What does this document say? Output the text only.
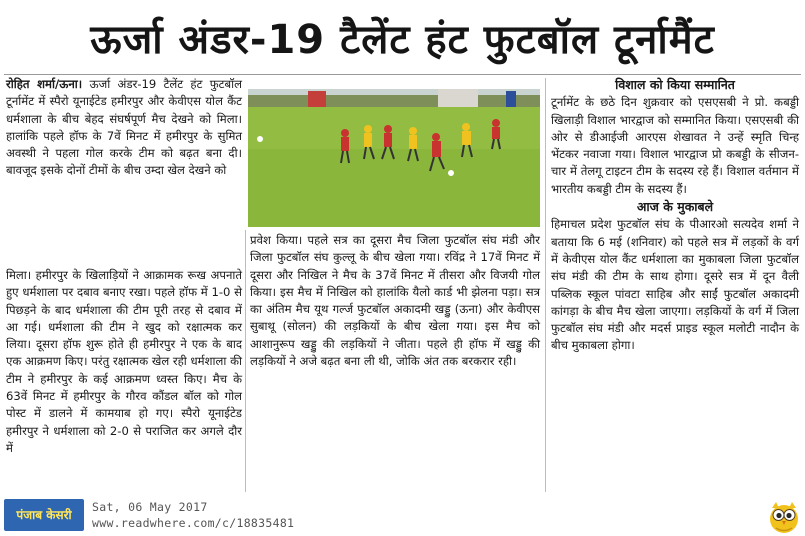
ऊर्जा अंडर-19 टैलेंट हंट फुटबॉल टूर्नामैंट
रोहित शर्मा/ऊना। ऊर्जा अंडर-19 टैलेंट हंट फुटबॉल टूर्नामेंट में स्पैरो यूनाईटेड हमीरपुर और केवीएस योल कैंट धर्मशाला के बीच बेहद संघर्षपूर्ण मैच देखने को मिला। हालांकि पहले हॉफ के 7वें मिनट में हमीरपुर के सुमित अवस्थी ने पहला गोल करके टीम को बढ़त बना दी। बावजूद इसके दोनों टीमों के बीच उम्दा खेल देखने को
मिला। हमीरपुर के खिलाड़ियों ने आक्रामक रूख अपनाते हुए धर्मशाला पर दबाव बनाए रखा। पहले हॉफ में 1-0 से पिछड़ने के बाद धर्मशाला की टीम पूरी तरह से दबाव में आ गई। धर्मशाला की टीम ने खुद को रक्षात्मक कर लिया। दूसरा हॉफ शुरू होते ही हमीरपुर ने एक के बाद एक आक्रमण किए। परंतु रक्षात्मक खेल रही धर्मशाला की टीम ने हमीरपुर के कई आक्रमण ध्वस्त किए। मैच के 63वें मिनट में हमीरपुर के गौरव कौंडल बॉल को गोल पोस्ट में डालने में कामयाब हो गए। स्पैरो यूनाईटेड हमीरपुर ने धर्मशाला को 2-0 से पराजित कर अगले दौर में
प्रवेश किया। पहले सत्र का दूसरा मैच जिला फुटबॉल संघ मंडी और जिला फुटबॉल संघ कुल्लू के बीच खेला गया। रविंद्र ने 17वें मिनट में दूसरा और निखिल ने मैच के 37वें मिनट में तीसरा और विजयी गोल किया। इस मैच में निखिल को हालांकि यैलो कार्ड भी झेलना पड़ा। सत्र का अंतिम मैच यूथ गर्ल्ज फुटबॉल अकादमी खड्डु (ऊना) और केवीएस सुबाथू (सोलन) की लड़कियों के बीच खेला गया। इस मैच को आशानुरूप खड्डु की लड़कियों ने जीता। पहले ही हॉफ में खड्डु की लड़कियों ने अजे बढ़त बना ली थी, जोकि अंत तक बरकरार रही।
विशाल को किया सम्मानित
टूर्नामेंट के छठे दिन शुक्रवार को एसएसबी ने प्रो. कबड्डी खिलाड़ी विशाल भारद्वाज को सम्मानित किया। एसएसबी की ओर से डीआईजी आरएस शेखावत ने उन्हें स्मृति चिन्ह भेंटकर नवाजा गया। विशाल भारद्वाज प्रो कबड्डी के सीजन-चार में तेलगू टाइटन टीम के सदस्य रहे हैं। विशाल वर्तमान में भारतीय कबड्डी टीम के सदस्य हैं।
आज के मुकाबले
हिमाचल प्रदेश फुटबॉल संघ के पीआरओ सत्यदेव शर्मा ने बताया कि 6 मई (शनिवार) को पहले सत्र में लड़कों के वर्ग में केवीएस योल कैंट धर्मशाला का मुकाबला जिला फुटबॉल संघ मंडी की टीम के साथ होगा। दूसरे सत्र में दून वैली पब्लिक स्कूल पांवटा साहिब और साईं फुटबॉल अकादमी कांगड़ा के बीच मैच खेला जाएगा। लड़कियों के वर्ग में जिला फुटबॉल संघ मंडी और मदर्स प्राइड स्कूल मलोटी नादौन के बीच मुकाबला होगा।
पंजाब केसरी
Sat, 06 May 2017
www.readwhere.com/c/18835481
